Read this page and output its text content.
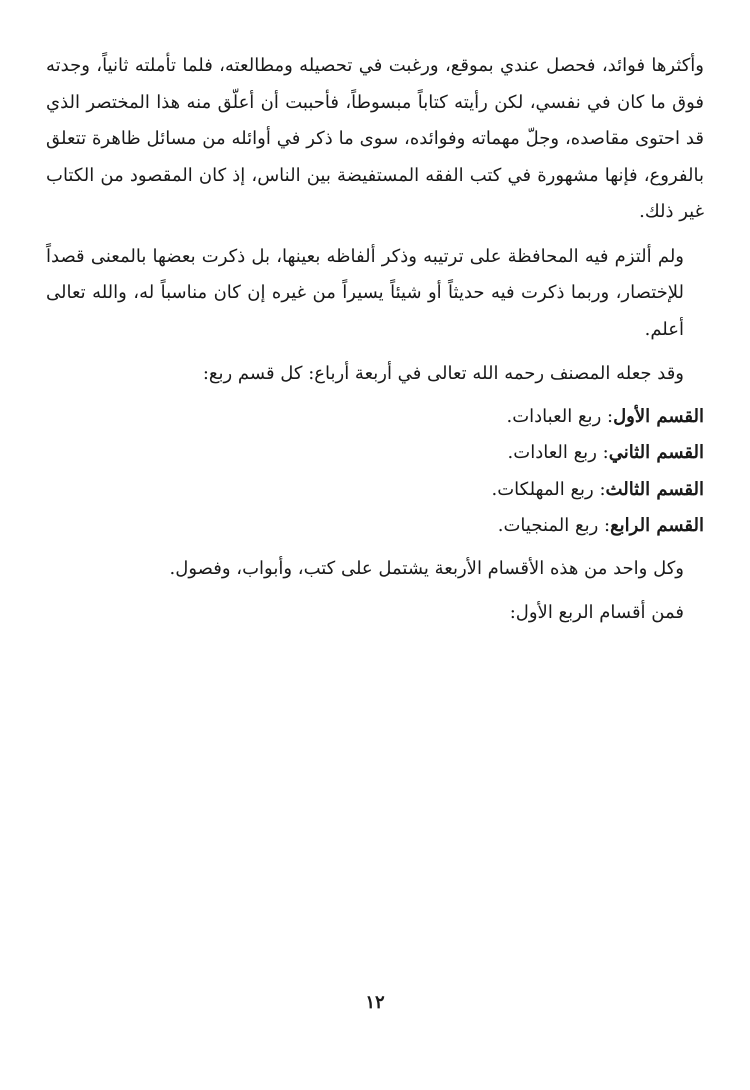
وأكثرها فوائد، فحصل عندي بموقع، ورغبت في تحصيله ومطالعته، فلما تأملته ثانياً، وجدته فوق ما كان في نفسي، لكن رأيته كتاباً مبسوطاً، فأحببت أن أعلّق منه هذا المختصر الذي قد احتوى مقاصده، وجلّ مهماته وفوائده، سوى ما ذكر في أوائله من مسائل ظاهرة تتعلق بالفروع، فإنها مشهورة في كتب الفقه المستفيضة بين الناس، إذ كان المقصود من الكتاب غير ذلك.

ولم ألتزم فيه المحافظة على ترتيبه وذكر ألفاظه بعينها، بل ذكرت بعضها بالمعنى قصداً للإختصار، وربما ذكرت فيه حديثاً أو شيئاً يسيراً من غيره إن كان مناسباً له، والله تعالى أعلم.

وقد جعله المصنف رحمه الله تعالى في أربعة أرباع: كل قسم ربع:

القسم الأول: ربع العبادات.
القسم الثاني: ربع العادات.
القسم الثالث: ربع المهلكات.
القسم الرابع: ربع المنجيات.

وكل واحد من هذه الأقسام الأربعة يشتمل على كتب، وأبواب، وفصول.

فمن أقسام الربع الأول:

١٢
